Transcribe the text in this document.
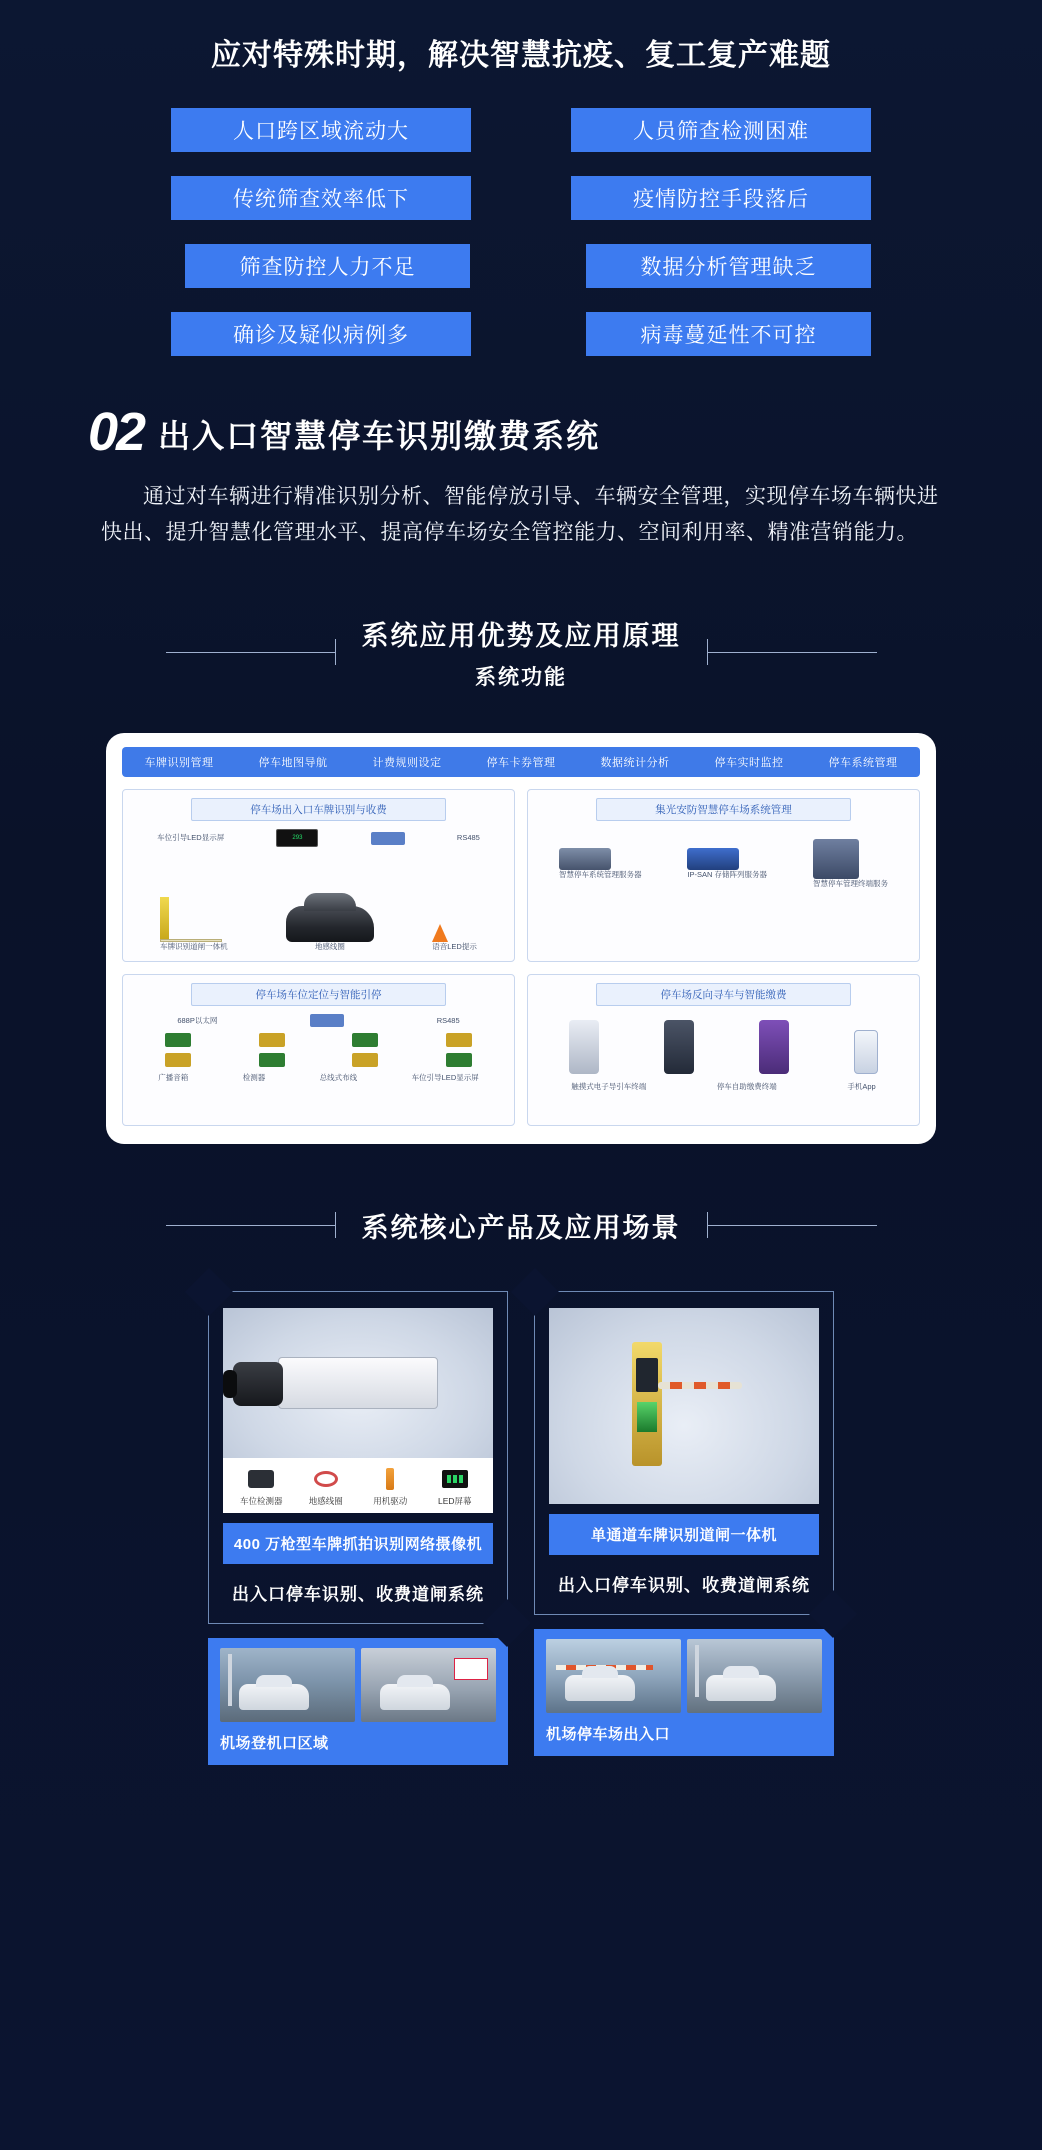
应对特殊时期，解决智慧抗疫、复工复产难题
人口跨区域流动大	人员筛查检测困难
传统筛查效率低下	疫情防控手段落后
筛查防控人力不足	数据分析管理缺乏
确诊及疑似病例多	病毒蔓延性不可控
02 出入口智慧停车识别缴费系统
通过对车辆进行精准识别分析、智能停放引导、车辆安全管理，实现停车场车辆快进快出、提升智慧化管理水平、提高停车场安全管控能力、空间利用率、精准营销能力。
系统应用优势及应用原理
系统功能
车牌识别管理	停车地图导航	计费规则设定	停车卡券管理	数据统计分析	停车实时监控	停车系统管理
停车场出入口车牌识别与收费
车位引导LED显示屏	293	RS485
车牌识别道闸一体机	地感线圈	语音LED提示
集光安防智慧停车场系统管理
智慧停车系统管理服务器	IP-SAN 存储阵列服务器
智慧停车管理终端服务
停车场车位定位与智能引停
688P以太网	RS485
广播音箱	检测器	总线式布线	车位引导LED显示屏
停车场反向寻车与智能缴费
触摸式电子导引车终端	停车自助缴费终端	手机App
系统核心产品及应用场景
车位检测器	地感线圈	用机驱动	LED屏幕
400 万枪型车牌抓拍识别网络摄像机
出入口停车识别、收费道闸系统
机场登机口区域
单通道车牌识别道闸一体机
出入口停车识别、收费道闸系统
机场停车场出入口
